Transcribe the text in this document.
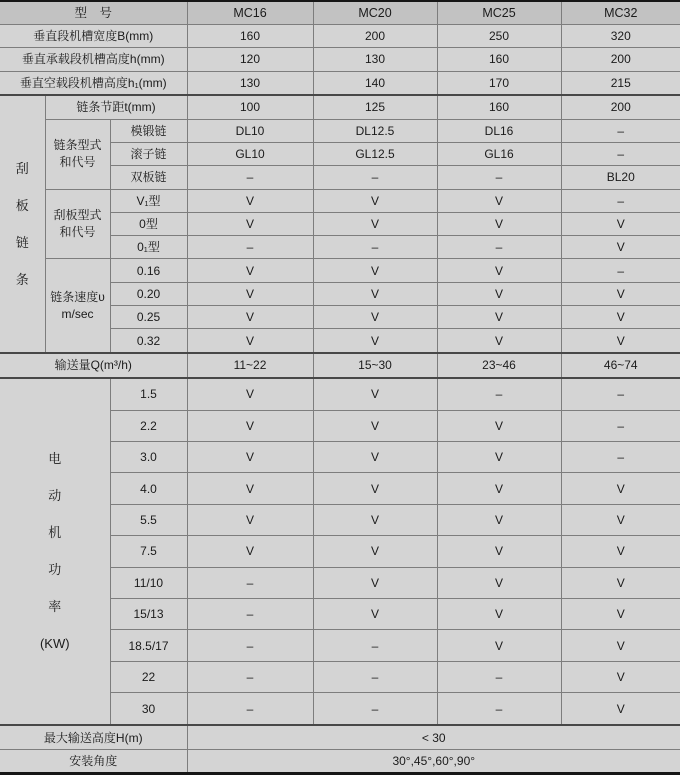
型　号			MC16	MC20	MC25	MC32
垂直段机槽宽度B(mm)			160	200	250	320
垂直承载段机槽高度h(mm)			120	130	160	200
垂直空载段机槽高度h₁(mm)			130	140	170	215

刮
板
链
条	链条节距t(mm)		100	125	160	200

	链条型式
和代号	模锻链	DL10	DL12.5	DL16	–
		滚子链	GL10	GL12.5	GL16	–
		双板链	–	–	–	BL20

	刮板型式
和代号	V₁型	V	V	V	–
		0型	V	V	V	V
		0₁型	–	–	–	V

	链条速度υ
m/sec	0.16	V	V	V	–
		0.20	V	V	V	V
		0.25	V	V	V	V
		0.32	V	V	V	V
输送量Q(m³/h)			11~22	15~30	23~46	46~74

电
动
机
功
率
(KW)
	1.5	V	V	–	–
		2.2	V	V	V	–
		3.0	V	V	V	–
		4.0	V	V	V	V
		5.5	V	V	V	V
		7.5	V	V	V	V
		11/10	–	V	V	V
		15/13	–	V	V	V
		18.5/17	–	–	V	V
		22	–	–	–	V
		30	–	–	–	V
最大输送高度H(m)			< 30			
安装角度			30°,45°,60°,90°			
